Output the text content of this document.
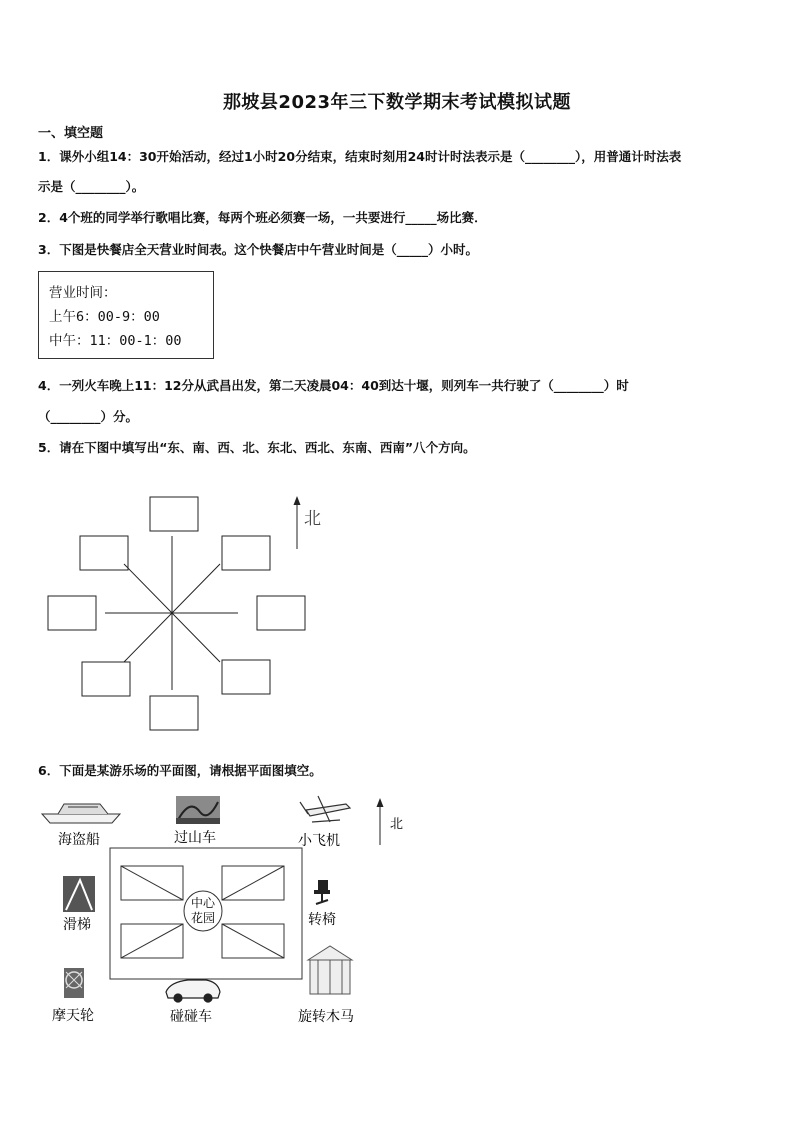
那坡县2023年三下数学期末考试模拟试题
一、填空题
1．课外小组14：30开始活动，经过1小时20分结束，结束时刻用24时计时法表示是（________），用普通计时法表
示是（________）。
2．4个班的同学举行歌唱比赛，每两个班必须赛一场，一共要进行_____场比赛．
3．下图是快餐店全天营业时间表。这个快餐店中午营业时间是（_____）小时。
营业时间：
上午6：00-9：00
中午：11：00-1：00
4．一列火车晚上11：12分从武昌出发，第二天凌晨04：40到达十堰，则列车一共行驶了（________）时
（________）分。
5．请在下图中填写出“东、南、西、北、东北、西北、东南、西南”八个方向。
北
6．下面是某游乐场的平面图，请根据平面图填空。
海盗船	过山车	小飞机
北
滑梯	转椅
中心
花园
摩天轮	碰碰车	旋转木马
